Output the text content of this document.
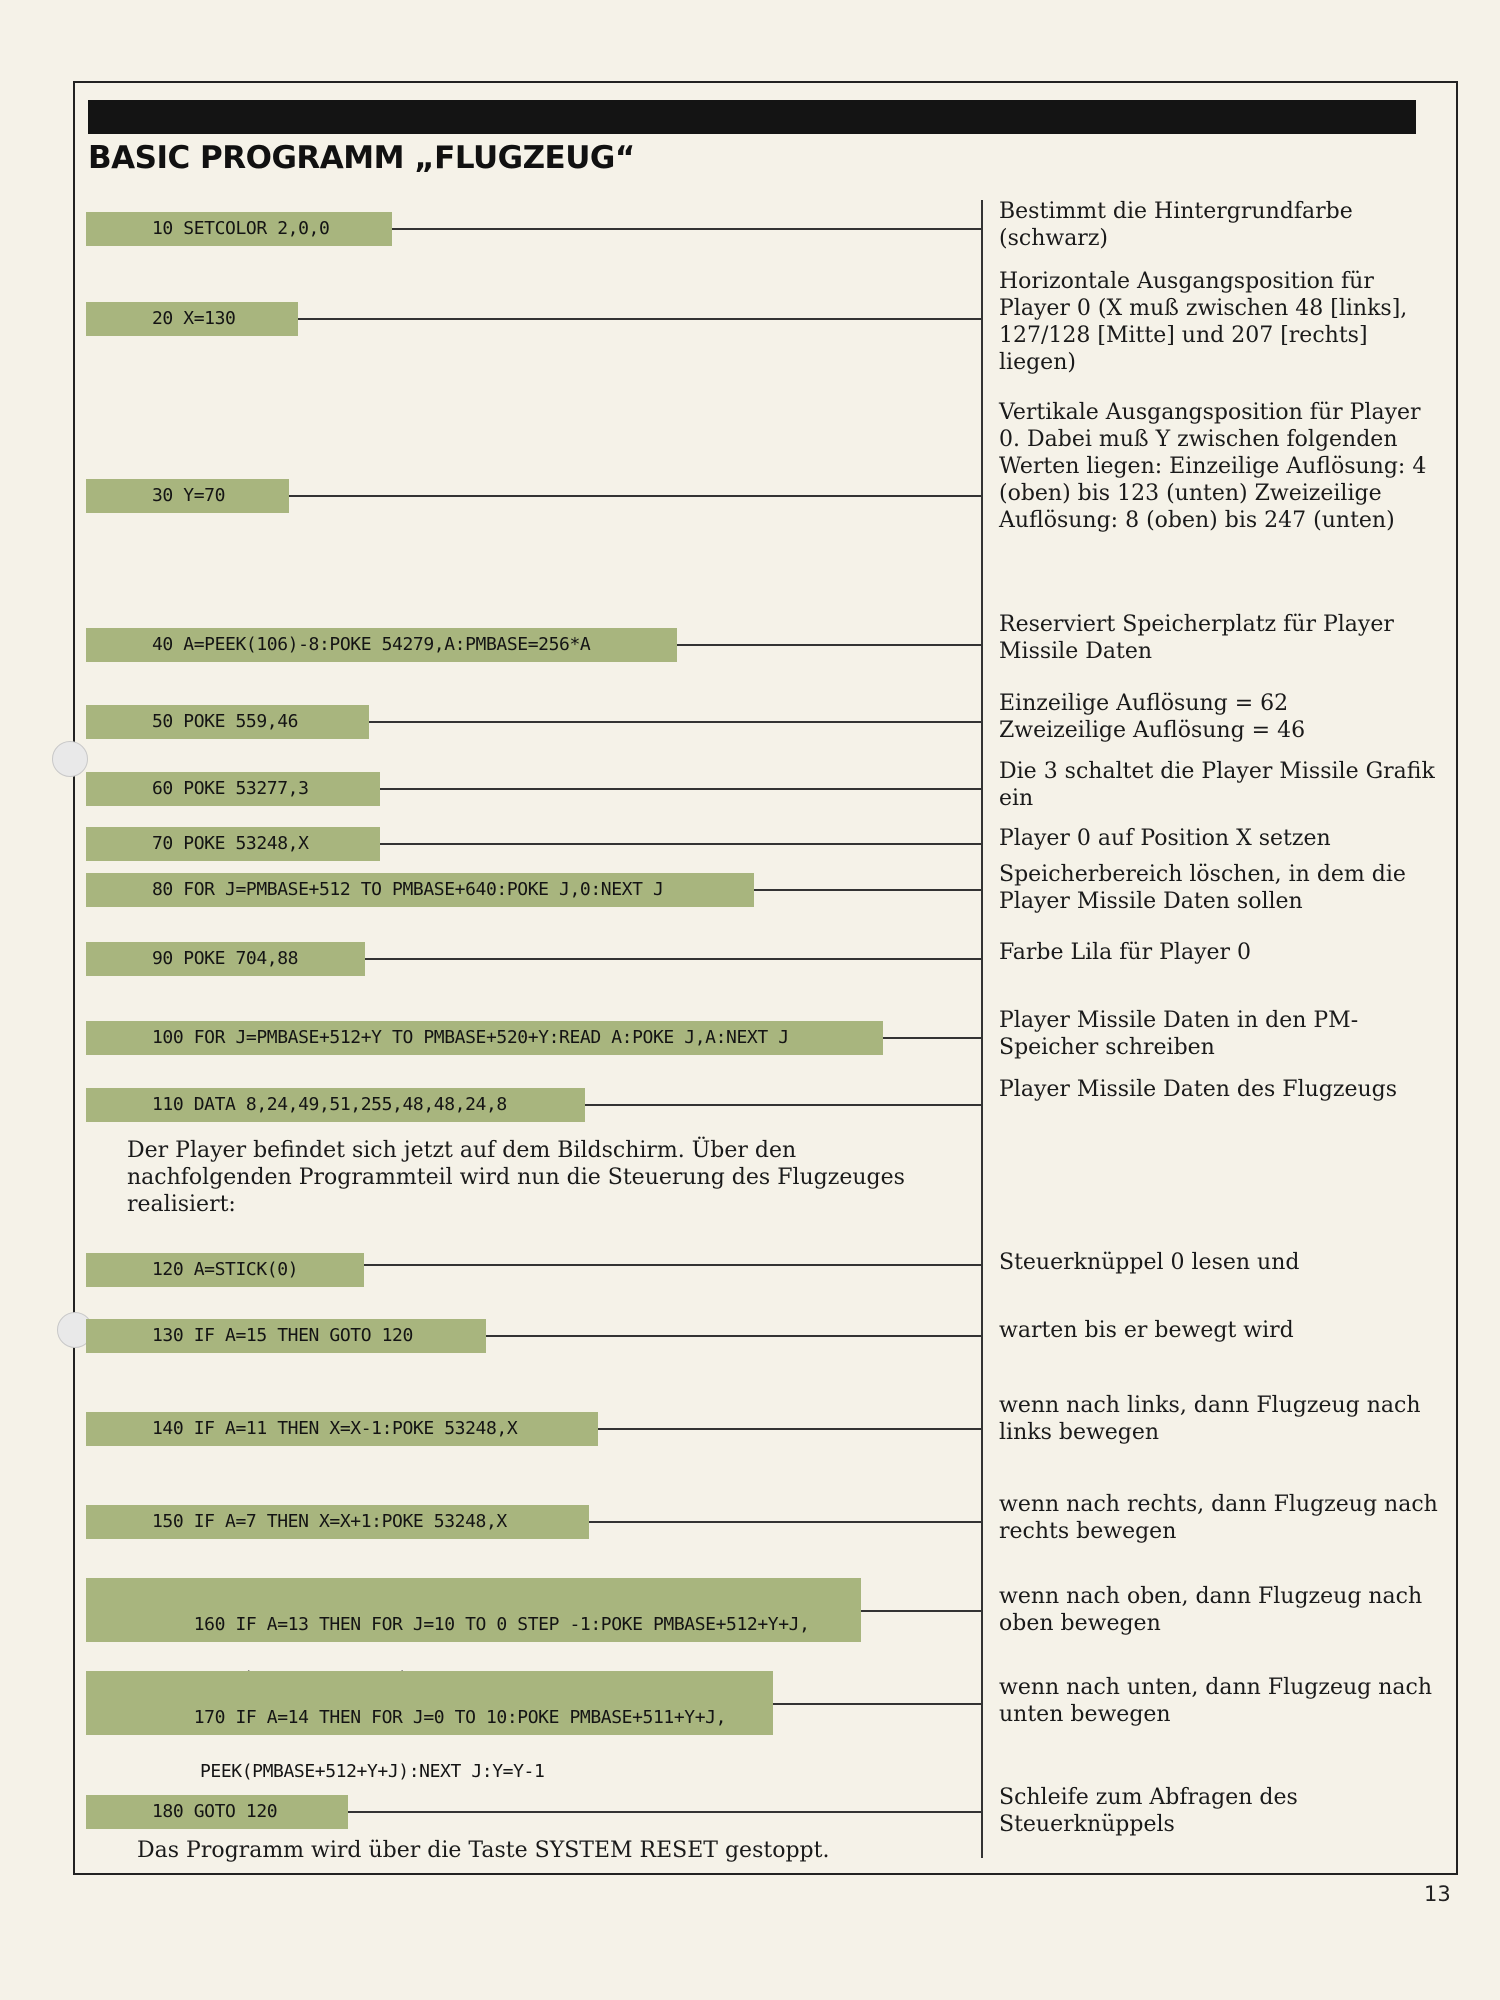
BASIC PROGRAMM „FLUGZEUG“
10 SETCOLOR 2,0,0
20 X=130
30 Y=70
40 A=PEEK(106)-8:POKE 54279,A:PMBASE=256*A
50 POKE 559,46
60 POKE 53277,3
70 POKE 53248,X
80 FOR J=PMBASE+512 TO PMBASE+640:POKE J,0:NEXT J
90 POKE 704,88
100 FOR J=PMBASE+512+Y TO PMBASE+520+Y:READ A:POKE J,A:NEXT J
110 DATA 8,24,49,51,255,48,48,24,8
120 A=STICK(0)
130 IF A=15 THEN GOTO 120
140 IF A=11 THEN X=X-1:POKE 53248,X
150 IF A=7 THEN X=X+1:POKE 53248,X

160 IF A=13 THEN FOR J=10 TO 0 STEP -1:POKE PMBASE+512+Y+J,

170 IF A=14 THEN FOR J=0 TO 10:POKE PMBASE+511+Y+J,

PEEK(PMBASE+512+Y+J):NEXT J:Y=Y-1

180 GOTO 120
Bestimmt die Hintergrundfarbe (schwarz)
Horizontale Ausgangsposition für Player 0 (X muß zwischen 48 [links], 127/128 [Mitte] und 207 [rechts] liegen)
Vertikale Ausgangsposition für Player 0. Dabei muß Y zwischen folgenden Werten liegen: Einzeilige Auflösung: 4 (oben) bis 123 (unten) Zweizeilige Auflösung: 8 (oben) bis 247 (unten)
Reserviert Speicherplatz für Player Missile Daten
Einzeilige Auflösung = 62
Zweizeilige Auflösung = 46
Die 3 schaltet die Player Missile Grafik ein
Player 0 auf Position X setzen
Speicherbereich löschen, in dem die Player Missile Daten sollen
Farbe Lila für Player 0
Player Missile Daten in den PM-Speicher schreiben
Player Missile Daten des Flugzeugs
Steuerknüppel 0 lesen und
warten bis er bewegt wird
wenn nach links, dann Flugzeug nach links bewegen
wenn nach rechts, dann Flugzeug nach rechts bewegen
wenn nach oben, dann Flugzeug nach oben bewegen
wenn nach unten, dann Flugzeug nach unten bewegen
Schleife zum Abfragen des Steuerknüppels
Der Player befindet sich jetzt auf dem Bildschirm. Über den nachfolgenden Programmteil wird nun die Steuerung des Flugzeuges realisiert:
Das Programm wird über die Taste SYSTEM RESET gestoppt.
13
